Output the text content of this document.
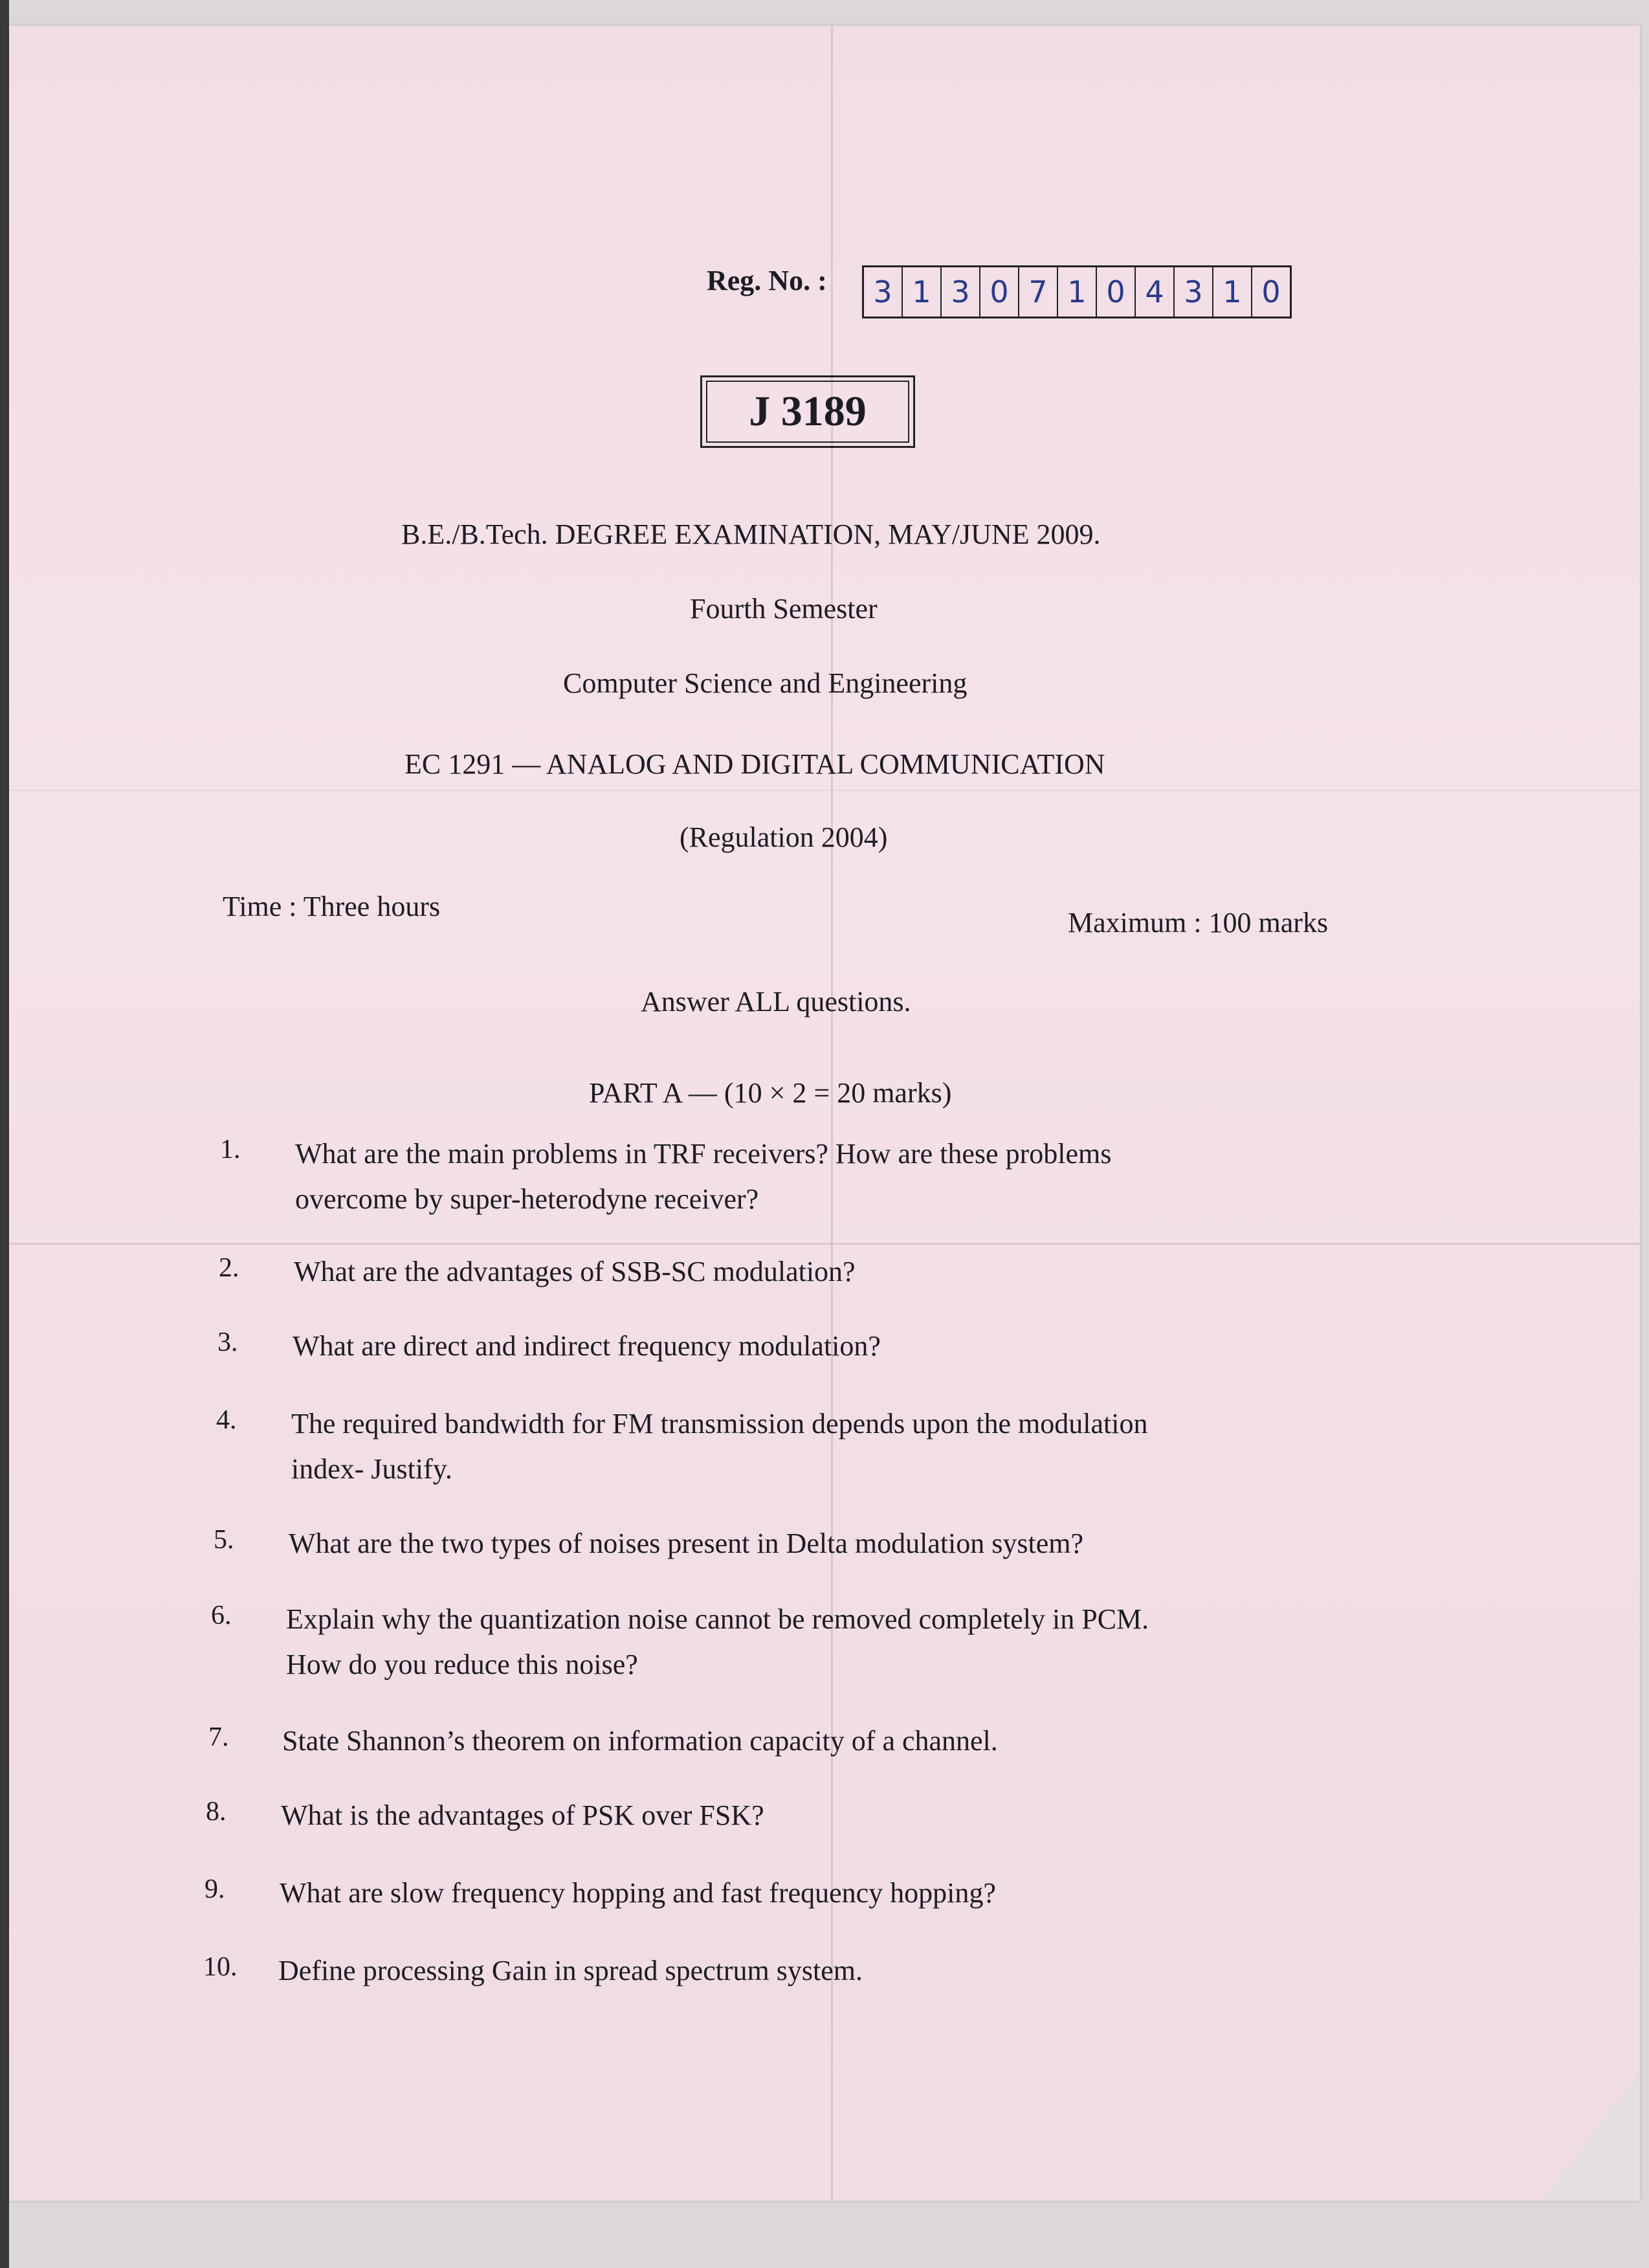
Reg. No. :	3 1 3 0 7 1 0 4 3 1 0
J 3189
B.E./B.Tech. DEGREE EXAMINATION, MAY/JUNE 2009.
Fourth Semester
Computer Science and Engineering
EC 1291 — ANALOG AND DIGITAL COMMUNICATION
(Regulation 2004)
Time : Three hours
Maximum : 100 marks
Answer ALL questions.
PART A — (10 × 2 = 20 marks)
1. What are the main problems in TRF receivers? How are these problems
overcome by super-heterodyne receiver?
2. What are the advantages of SSB-SC modulation?
3. What are direct and indirect frequency modulation?
4. The required bandwidth for FM transmission depends upon the modulation
index- Justify.
5. What are the two types of noises present in Delta modulation system?
6. Explain why the quantization noise cannot be removed completely in PCM.
How do you reduce this noise?
7. State Shannon’s theorem on information capacity of a channel.
8. What is the advantages of PSK over FSK?
9. What are slow frequency hopping and fast frequency hopping?
10. Define processing Gain in spread spectrum system.
